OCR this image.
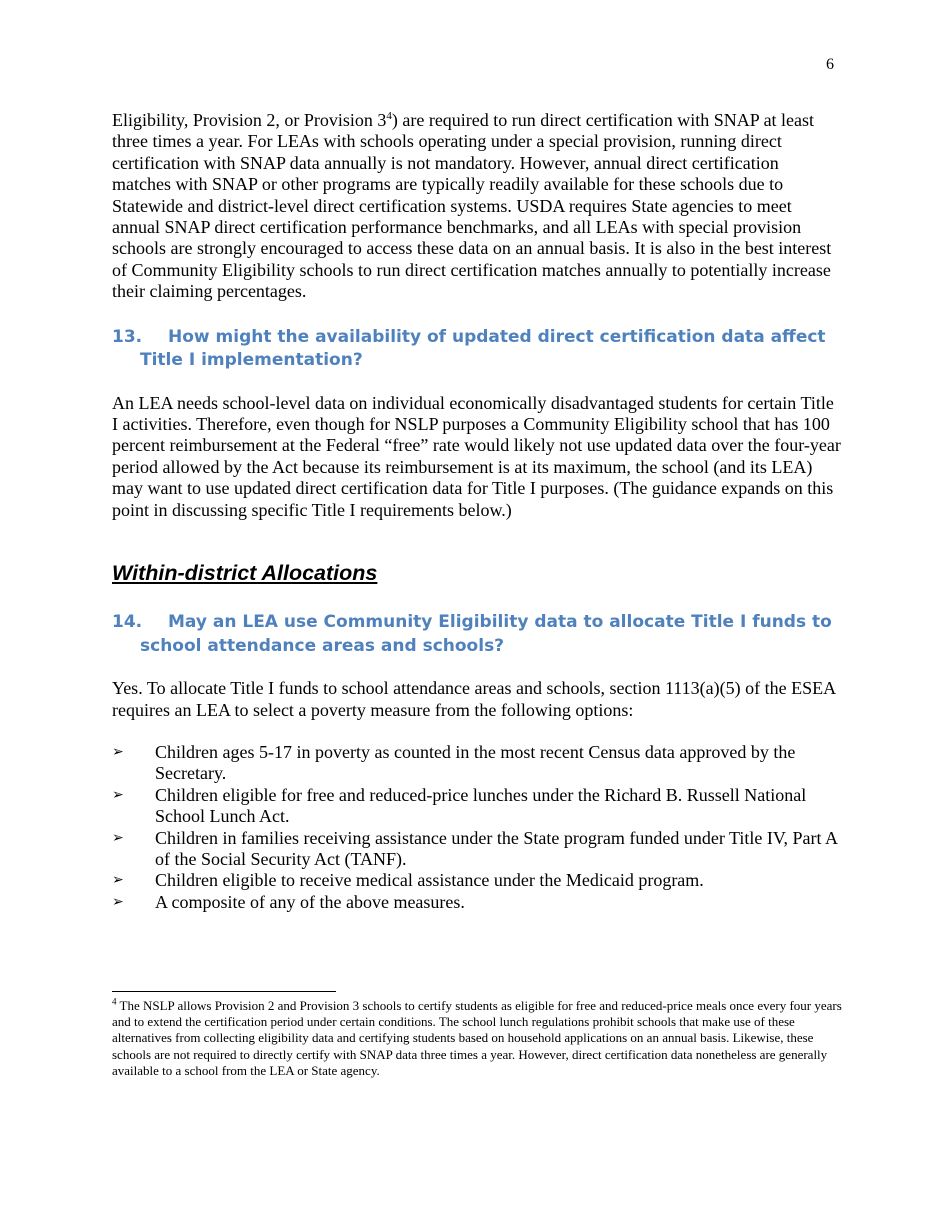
6

Eligibility, Provision 2, or Provision $3^4$) are required to run direct certification with SNAP at least three times a year. For LEAs with schools operating under a special provision, running direct certification with SNAP data annually is not mandatory. However, annual direct certification matches with SNAP or other programs are typically readily available for these schools due to Statewide and district-level direct certification systems. USDA requires State agencies to meet annual SNAP direct certification performance benchmarks, and all LEAs with special provision schools are strongly encouraged to access these data on an annual basis. It is also in the best interest of Community Eligibility schools to run direct certification matches annually to potentially increase their claiming percentages.

13. How might the availability of updated direct certification data affect Title I implementation?

An LEA needs school-level data on individual economically disadvantaged students for certain Title I activities. Therefore, even though for NSLP purposes a Community Eligibility school that has 100 percent reimbursement at the Federal “free” rate would likely not use updated data over the four-year period allowed by the Act because its reimbursement is at its maximum, the school (and its LEA) may want to use updated direct certification data for Title I purposes. (The guidance expands on this point in discussing specific Title I requirements below.)

Within-district Allocations
14. May an LEA use Community Eligibility data to allocate Title I funds to school attendance areas and schools?

Yes. To allocate Title I funds to school attendance areas and schools, section 1113(a)(5) of the ESEA requires an LEA to select a poverty measure from the following options:

➢ Children ages 5-17 in poverty as counted in the most recent Census data approved by the Secretary.
➢ Children eligible for free and reduced-price lunches under the Richard B. Russell National School Lunch Act.
➢ Children in families receiving assistance under the State program funded under Title IV, Part A of the Social Security Act (TANF).
➢ Children eligible to receive medical assistance under the Medicaid program.
➢ A composite of any of the above measures.
$^4$ The NSLP allows Provision 2 and Provision 3 schools to certify students as eligible for free and reduced-price meals once every four years and to extend the certification period under certain conditions. The school lunch regulations prohibit schools that make use of these alternatives from collecting eligibility data and certifying students based on household applications on an annual basis. Likewise, these schools are not required to directly certify with SNAP data three times a year. However, direct certification data nonetheless are generally available to a school from the LEA or State agency.
